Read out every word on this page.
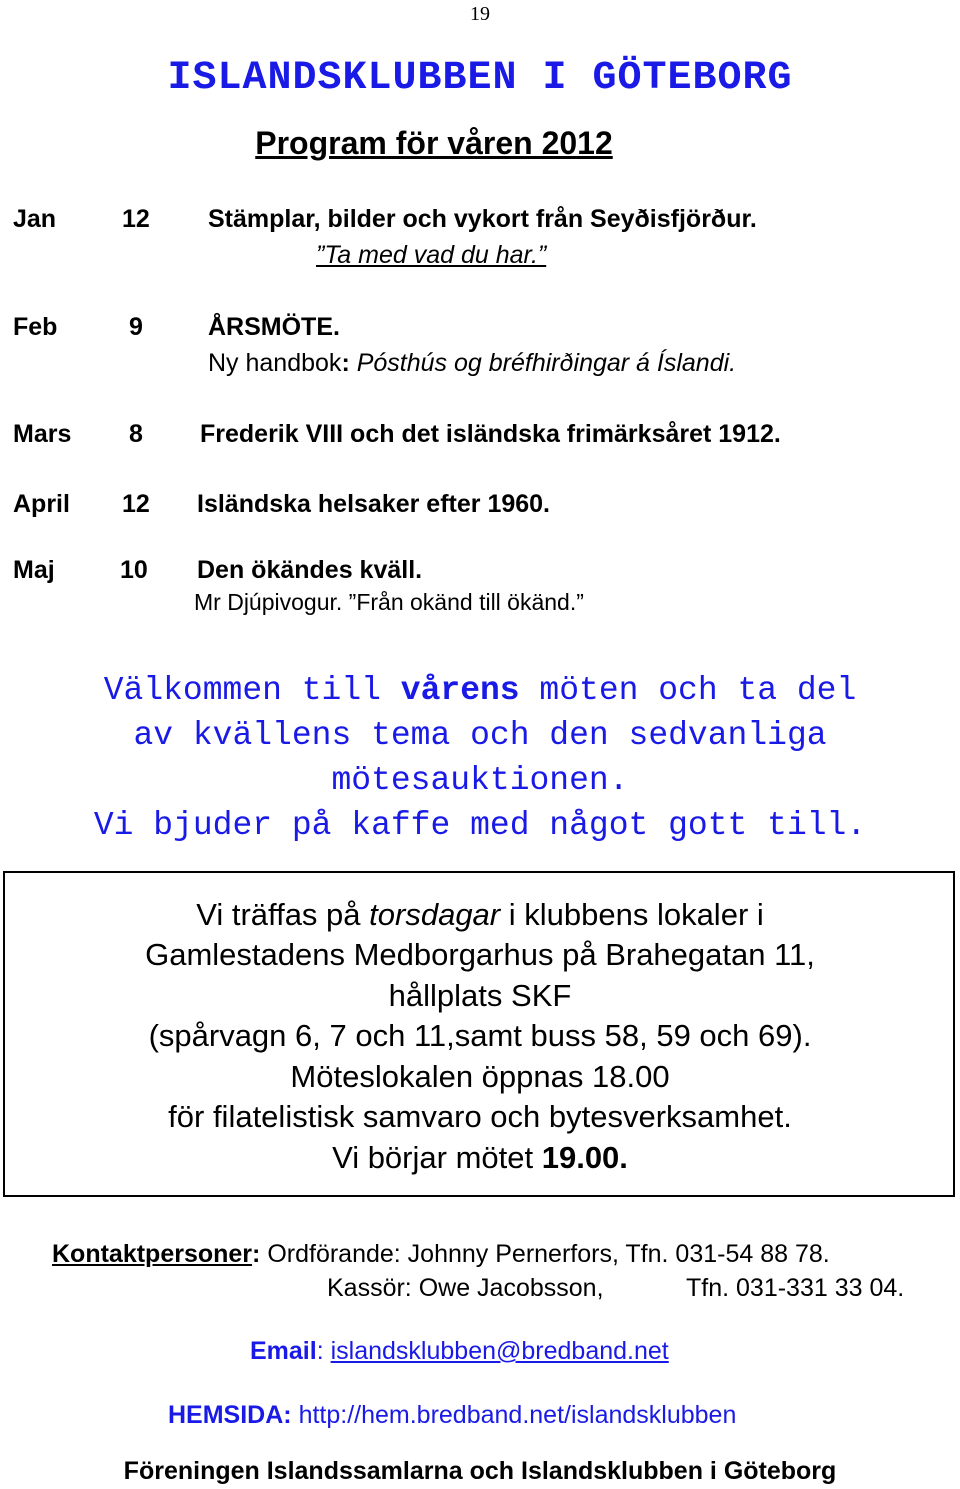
19
ISLANDSKLUBBEN I GÖTEBORG
Program för våren 2012
Jan	12 Stämplar, bilder och vykort från Seyðisfjörður.
”Ta med vad du har.”
Feb	9	ÅRSMÖTE.
Ny handbok: Pósthús og bréfhirðingar á Íslandi.
Mars 8 Frederik VIII och det isländska frimärksåret 1912.
April 12 Isländska helsaker efter 1960.
Maj	10 Den ökändes kväll.
Mr Djúpivogur. ”Från okänd till ökänd.”
Välkommen till vårens möten och ta del
av kvällens tema och den sedvanliga
mötesauktionen.
Vi bjuder på kaffe med något gott till.
Vi träffas på torsdagar i klubbens lokaler i
Gamlestadens Medborgarhus på Brahegatan 11,
hållplats SKF
(spårvagn 6, 7 och 11,samt buss 58, 59 och 69).
Möteslokalen öppnas 18.00
för filatelistisk samvaro och bytesverksamhet.
Vi börjar mötet 19.00.
Kontaktpersoner: Ordförande: Johnny Pernerfors, Tfn. 031-54 88 78.
Kassör: Owe Jacobsson,	Tfn. 031-331 33 04.
Email: islandsklubben@bredband.net
HEMSIDA: http://hem.bredband.net/islandsklubben
Föreningen Islandssamlarna och Islandsklubben i Göteborg
